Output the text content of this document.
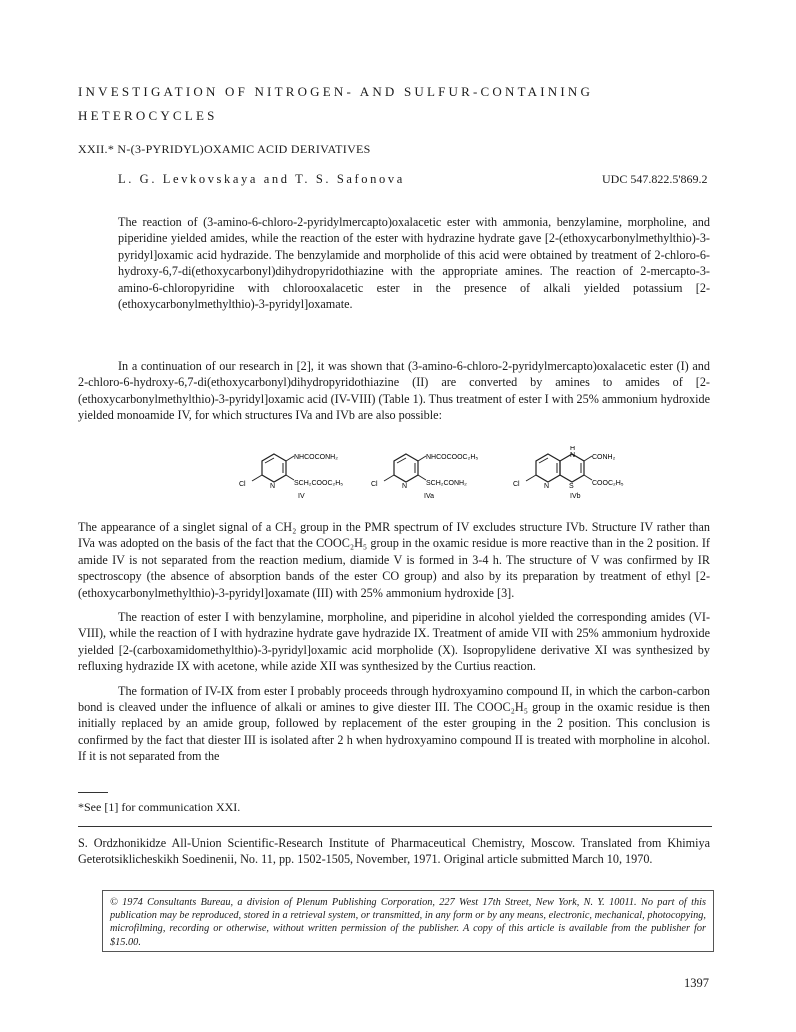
INVESTIGATION OF NITROGEN- AND SULFUR-CONTAINING
HETEROCYCLES
XXII.* N-(3-PYRIDYL)OXAMIC ACID DERIVATIVES
L. G. Levkovskaya and T. S. Safonova	UDC 547.822.5'869.2

The reaction of (3-amino-6-chloro-2-pyridylmercapto)oxalacetic ester with ammonia, benzylamine, morpholine, and piperidine yielded amides, while the reaction of the ester with hydrazine hydrate gave [2-(ethoxycarbonylmethylthio)-3-pyridyl]oxamic acid hydrazide. The benzylamide and morpholide of this acid were obtained by treatment of 2-chloro-6-hydroxy-6,7-di(ethoxycarbonyl)dihydropyridothiazine with the appropriate amines. The reaction of 2-mercapto-3-amino-6-chloropyridine with chlorooxalacetic ester in the presence of alkali yielded potassium [2-(ethoxycarbonylmethylthio)-3-pyridyl]oxamate.

In a continuation of our research in [2], it was shown that (3-amino-6-chloro-2-pyridylmercapto)oxalacetic ester (I) and 2-chloro-6-hydroxy-6,7-di(ethoxycarbonyl)dihydropyridothiazine (II) are converted by amines to amides of [2-(ethoxycarbonylmethylthio)-3-pyridyl]oxamic acid (IV-VIII) (Table 1). Thus treatment of ester I with 25% ammonium hydroxide yielded monoamide IV, for which structures IVa and IVb are also possible:

NHCOCONH₂
SCH₂COOC₂H₅
N
Cl
IV
NHCOCOOC₂H₅
SCH₂CONH₂
N
Cl
IVa
H
N CONH₂
COOC₂H₅
S
N
Cl
IVb

The appearance of a singlet signal of a CH₂ group in the PMR spectrum of IV excludes structure IVb. Structure IV rather than IVa was adopted on the basis of the fact that the COOC₂H₅ group in the oxamic residue is more reactive than in the 2 position. If amide IV is not separated from the reaction medium, diamide V is formed in 3-4 h. The structure of V was confirmed by IR spectroscopy (the absence of absorption bands of the ester CO group) and also by its preparation by treatment of ethyl [2-(ethoxycarbonylmethylthio)-3-pyridyl]oxamate (III) with 25% ammonium hydroxide [3].

The reaction of ester I with benzylamine, morpholine, and piperidine in alcohol yielded the corresponding amides (VI-VIII), while the reaction of I with hydrazine hydrate gave hydrazide IX. Treatment of amide VII with 25% ammonium hydroxide yielded [2-(carboxamidomethylthio)-3-pyridyl]oxamic acid morpholide (X). Isopropylidene derivative XI was synthesized by refluxing hydrazide IX with acetone, while azide XII was synthesized by the Curtius reaction.

The formation of IV-IX from ester I probably proceeds through hydroxyamino compound II, in which the carbon-carbon bond is cleaved under the influence of alkali or amines to give diester III. The COOC₂H₅ group in the oxamic residue is then initially replaced by an amide group, followed by replacement of the ester grouping in the 2 position. This conclusion is confirmed by the fact that diester III is isolated after 2 h when hydroxyamino compound II is treated with morpholine in alcohol. If it is not separated from the

*See [1] for communication XXI.

S. Ordzhonikidze All-Union Scientific-Research Institute of Pharmaceutical Chemistry, Moscow. Translated from Khimiya Geterotsiklicheskikh Soedinenii, No. 11, pp. 1502-1505, November, 1971. Original article submitted March 10, 1970.

© 1974 Consultants Bureau, a division of Plenum Publishing Corporation, 227 West 17th Street, New York, N. Y. 10011. No part of this publication may be reproduced, stored in a retrieval system, or transmitted, in any form or by any means, electronic, mechanical, photocopying, microfilming, recording or otherwise, without written permission of the publisher. A copy of this article is available from the publisher for $15.00.
1397
